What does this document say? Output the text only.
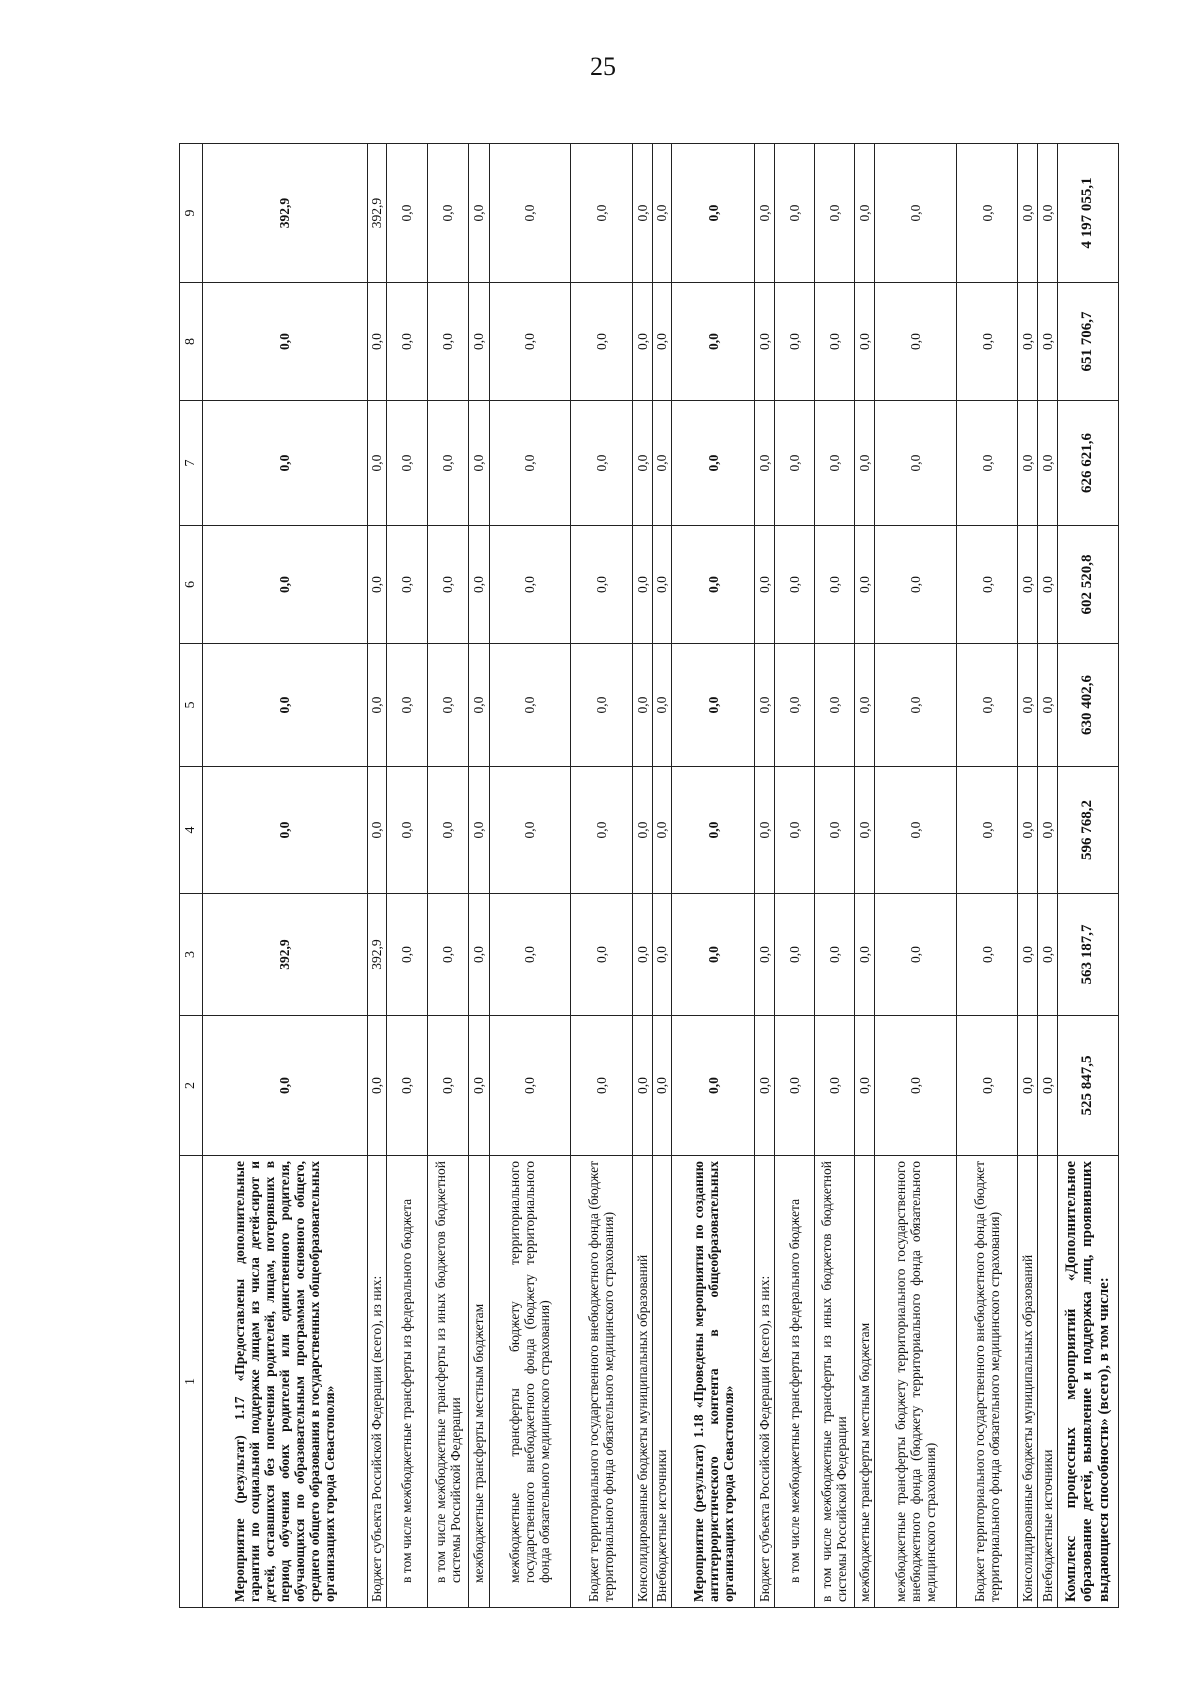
25
1	2	3	4	5	6	7	8	9
Мероприятие (результат) 1.17 «Предоставлены дополнительные гарантии по социальной поддержке лицам из числа детей-сирот и детей, оставшихся без попечения родителей, лицам, потерявших в период обучения обоих родителей или единственного родителя, обучающихся по образовательным программам основного общего, среднего общего образования в государственных общеобразовательных организациях города Севастополя»	0,0	392,9	0,0	0,0	0,0	0,0	0,0	392,9
Бюджет субъекта Российской Федерации (всего), из них:	0,0	392,9	0,0	0,0	0,0	0,0	0,0	392,9
в том числе межбюджетные трансферты из федерального бюджета	0,0	0,0	0,0	0,0	0,0	0,0	0,0	0,0
в том числе межбюджетные трансферты из иных бюджетов бюджетной системы Российской Федерации	0,0	0,0	0,0	0,0	0,0	0,0	0,0	0,0
межбюджетные трансферты местным бюджетам	0,0	0,0	0,0	0,0	0,0	0,0	0,0	0,0
межбюджетные трансферты бюджету территориального государственного внебюджетного фонда (бюджету территориального фонда обязательного медицинского страхования)	0,0	0,0	0,0	0,0	0,0	0,0	0,0	0,0
Бюджет территориального государственного внебюджетного фонда (бюджет территориального фонда обязательного медицинского страхования)	0,0	0,0	0,0	0,0	0,0	0,0	0,0	0,0
Консолидированные бюджеты муниципальных образований	0,0	0,0	0,0	0,0	0,0	0,0	0,0	0,0
Внебюджетные источники	0,0	0,0	0,0	0,0	0,0	0,0	0,0	0,0
Мероприятие (результат) 1.18 «Проведены мероприятия по созданию антитеррористического контента в общеобразовательных организациях города Севастополя»	0,0	0,0	0,0	0,0	0,0	0,0	0,0	0,0
Бюджет субъекта Российской Федерации (всего), из них:	0,0	0,0	0,0	0,0	0,0	0,0	0,0	0,0
в том числе межбюджетные трансферты из федерального бюджета	0,0	0,0	0,0	0,0	0,0	0,0	0,0	0,0
в том числе межбюджетные трансферты из иных бюджетов бюджетной системы Российской Федерации	0,0	0,0	0,0	0,0	0,0	0,0	0,0	0,0
межбюджетные трансферты местным бюджетам	0,0	0,0	0,0	0,0	0,0	0,0	0,0	0,0
межбюджетные трансферты бюджету территориального государственного внебюджетного фонда (бюджету территориального фонда обязательного медицинского страхования)	0,0	0,0	0,0	0,0	0,0	0,0	0,0	0,0
Бюджет территориального государственного внебюджетного фонда (бюджет территориального фонда обязательного медицинского страхования)	0,0	0,0	0,0	0,0	0,0	0,0	0,0	0,0
Консолидированные бюджеты муниципальных образований	0,0	0,0	0,0	0,0	0,0	0,0	0,0	0,0
Внебюджетные источники	0,0	0,0	0,0	0,0	0,0	0,0	0,0	0,0
Комплекс процессных мероприятий «Дополнительное образование детей, выявление и поддержка лиц, проявивших выдающиеся способности» (всего), в том числе:	525 847,5	563 187,7	596 768,2	630 402,6	602 520,8	626 621,6	651 706,7	4 197 055,1
